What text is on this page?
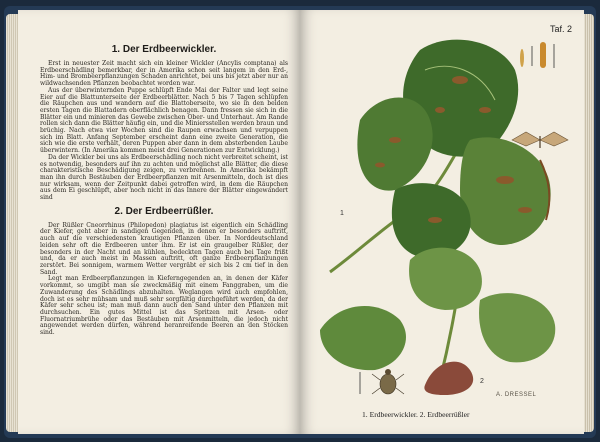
1. Der Erdbeerwickler.

Erst in neuester Zeit macht sich ein kleiner Wickler (Ancylis comptana) als Erdbeerschädling bemerkbar, der in Amerika schon seit langem in den Erd-, Him- und Brombeerpflanzungen Schaden anrichtet, bei uns bis jetzt aber nur an wildwachsenden Pflanzen beobachtet worden war.

Aus der überwinternden Puppe schlüpft Ende Mai der Falter und legt seine Eier auf die Blattunterseite der Erdbeerblätter. Nach 5 bis 7 Tagen schlüpfen die Räupchen aus und wandern auf die Blattoberseite, wo sie in den beiden ersten Tagen die Blattadern oberflächlich benagen. Dann fressen sie sich in die Blätter ein und minieren das Gewebe zwischen Ober- und Unterhaut. Am Rande rollen sich dann die Blätter häufig ein, und die Miniersstellen werden braun und brüchig. Nach etwa vier Wochen sind die Raupen erwachsen und verpuppen sich im Blatt. Anfang September erscheint dann eine zweite Generation, die sich wie die erste verhält, deren Puppen aber dann in dem absterbenden Laube überwintern. (In Amerika kommen meist drei Generationen zur Entwicklung.)

Da der Wickler bei uns als Erdbeerschädling noch nicht verbreitet scheint, ist es notwendig, besonders auf ihn zu achten und möglichst alle Blätter, die diese charakteristische Beschädigung zeigen, zu verbrennen. In Amerika bekämpft man ihn durch Bestäuben der Erdbeerpflanzen mit Arsenmitteln, doch ist dies nur wirksam, wenn der Zeitpunkt dabei getroffen wird, in dem die Räupchen aus dem Ei geschlüpft, aber noch nicht in das Innere der Blätter eingewandert sind

2. Der Erdbeerrüßler.

Der Rüßler Cneorrhinus (Philopedon) plagiatus ist eigentlich ein Schädling der Kiefer, geht aber in sandigen Gegenden, in denen er besonders auftritt, auch auf die verschiedensten krautigen Pflanzen über. In Norddeutschland leiden sehr oft die Erdbeeren unter ihm. Er ist ein graugelber Rüßler, der besonders in der Nacht und an kühlen, bedeckten Tagen auch bei Tage frißt und, da er auch meist in Massen auftritt, oft ganze Erdbeerpflanzungen zerstört. Bei sonnigem, warmem Wetter vergräbt er sich bis 2 cm tief in den Sand.

Legt man Erdbeerpflanzungen in Kieferngegenden an, in denen der Käfer vorkommt, so umgibt man sie zweckmäßig mit einem Fanggraben, um die Zuwanderung des Schädlings abzuhalten. Weglangen wird auch empfohlen, doch ist es sehr mühsam und muß sehr sorgfältig durchgeführt werden, da der Käfer sehr scheu ist; man muß dann auch den Sand unter den Pflanzen mit durchsuchen. Ein gutes Mittel ist das Spritzen mit Arsen- oder Fluornatriumbrühe oder das Bestäuben mit Arsenmitteln, die jedoch nicht angewendet werden dürfen, während heranreifende Beeren an den Stöcken sind.

Taf. 2
1
2
A. DRESSEL
1. Erdbeerwickler. 2. Erdbeerrüßler
